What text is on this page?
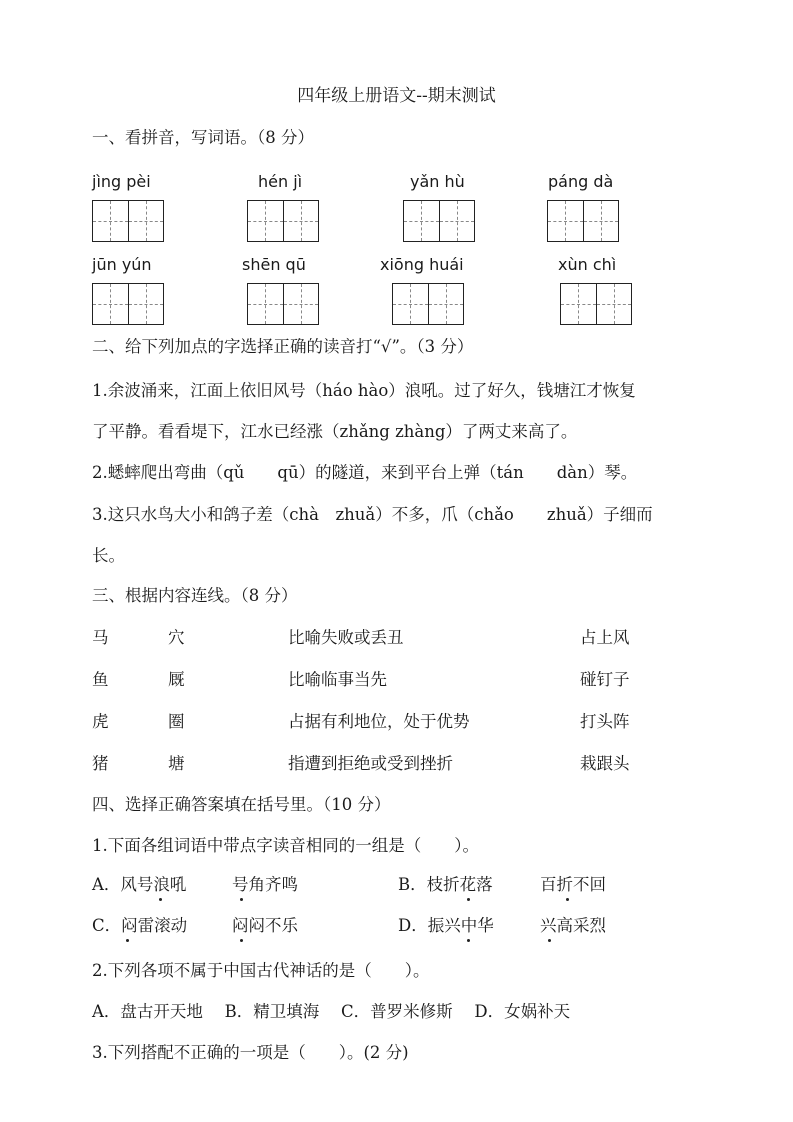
四年级上册语文--期末测试
一、看拼音，写词语。（8 分）
jìng pèi	hén jì	yǎn hù	páng dà
jūn yún	shēn qū	xiōng huái	xùn chì
二、给下列加点的字选择正确的读音打“√”。（3 分）
1.余波涌来，江面上依旧风号（háo hào）浪吼。过了好久，钱塘江才恢复
了平静。看看堤下，江水已经涨（zhǎng zhàng）了两丈来高了。
2.蟋蟀爬出弯曲（qǔ　　qū）的隧道，来到平台上弹（tán　　dàn）琴。
3.这只水鸟大小和鸽子差（chà　zhuǎ）不多，爪（chǎo　　zhuǎ）子细而
长。
三、根据内容连线。（8 分）
马	穴	比喻失败或丢丑	占上风
鱼	厩	比喻临事当先	碰钉子
虎	圈	占据有利地位，处于优势	打头阵
猪	塘	指遭到拒绝或受到挫折	栽跟头
四、选择正确答案填在括号里。（10 分）
1.下面各组词语中带点字读音相同的一组是（　　）。
A．风号浪吼	号角齐鸣	B．枝折花落	百折不回
C．闷雷滚动	闷闷不乐	D．振兴中华	兴高采烈
2.下列各项不属于中国古代神话的是（　　）。
A．盘古开天地　 B．精卫填海　 C．普罗米修斯　 D．女娲补天
3.下列搭配不正确的一项是（　　）。(2 分)
